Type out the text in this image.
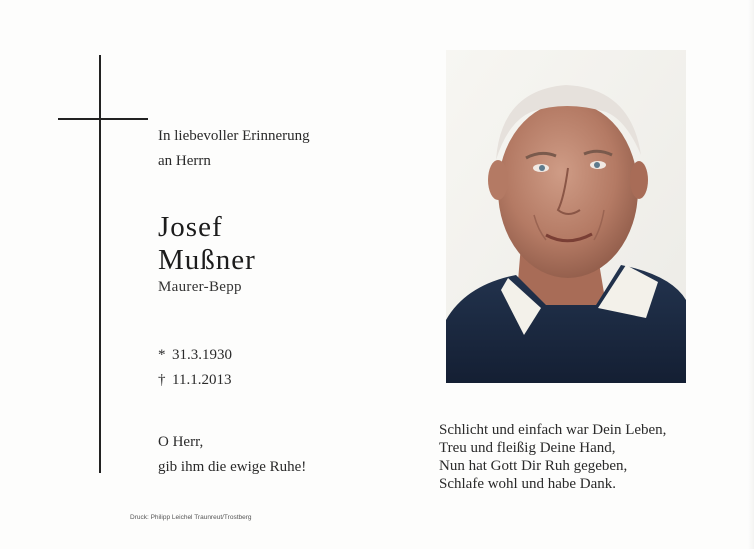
In liebevoller Erinnerung
an Herrn
Josef
Mußner
Maurer-Bepp
* 31.3.1930
† 11.1.2013
O Herr,
gib ihm die ewige Ruhe!
Druck: Philipp Leichel Traunreut/Trostberg
Schlicht und einfach war Dein Leben,
Treu und fleißig Deine Hand,
Nun hat Gott Dir Ruh gegeben,
Schlafe wohl und habe Dank.
